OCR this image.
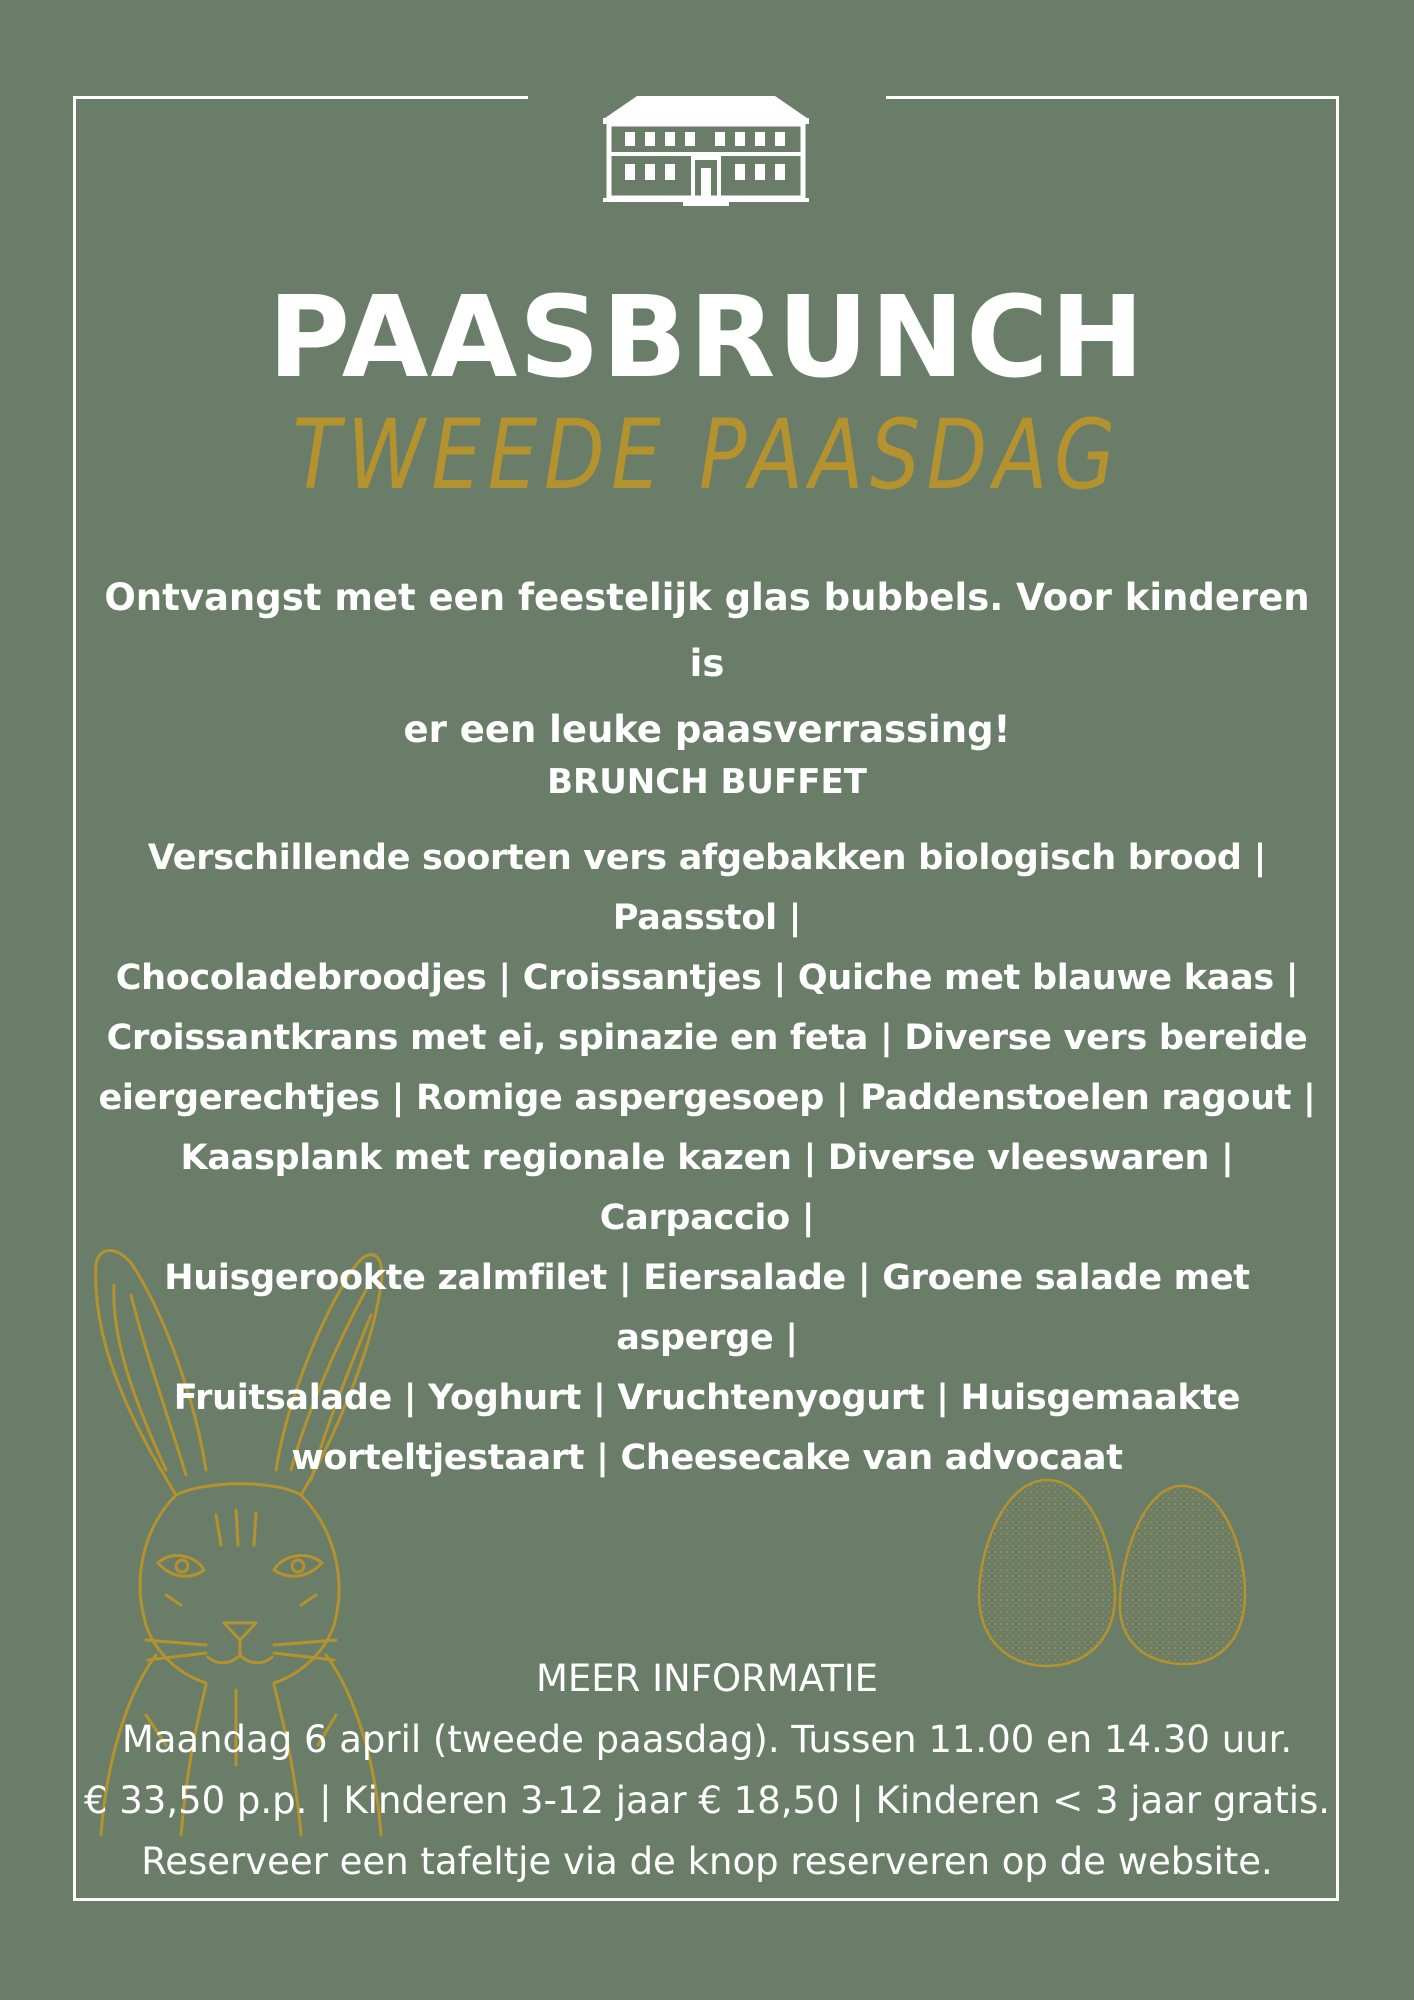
PAASBRUNCH
TWEEDE PAASDAG
Ontvangst met een feestelijk glas bubbels. Voor kinderen is
er een leuke paasverrassing!
BRUNCH BUFFET
Verschillende soorten vers afgebakken biologisch brood | Paasstol |
Chocoladebroodjes | Croissantjes | Quiche met blauwe kaas |
Croissantkrans met ei, spinazie en feta | Diverse vers bereide
eiergerechtjes | Romige aspergesoep | Paddenstoelen ragout |
Kaasplank met regionale kazen | Diverse vleeswaren | Carpaccio |
Huisgerookte zalmfilet | Eiersalade | Groene salade met asperge |
Fruitsalade | Yoghurt | Vruchtenyogurt | Huisgemaakte
worteltjestaart | Cheesecake van advocaat
MEER INFORMATIE
Maandag 6 april (tweede paasdag). Tussen 11.00 en 14.30 uur.
€ 33,50 p.p. | Kinderen 3-12 jaar € 18,50 | Kinderen < 3 jaar gratis.
Reserveer een tafeltje via de knop reserveren op de website.
